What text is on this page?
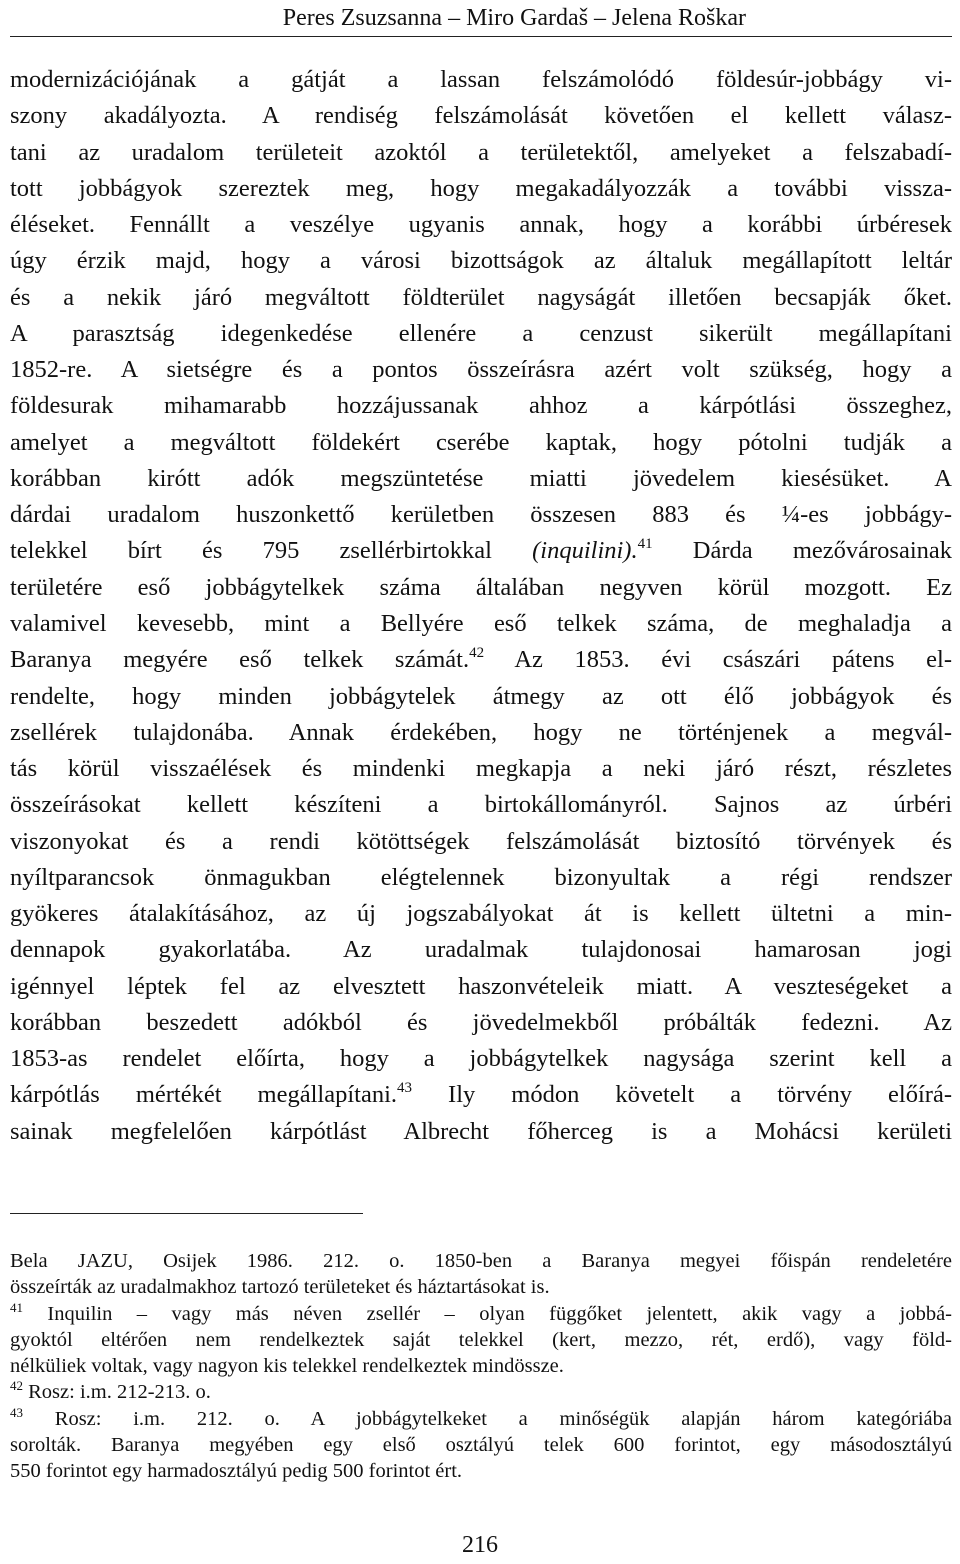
Peres Zsuzsanna – Miro Gardaš – Jelena Roškar
modernizációjának a gátját a lassan felszámolódó földesúr-jobbágy vi-
szony akadályozta. A rendiség felszámolását követően el kellett válasz-
tani az uradalom területeit azoktól a területektől, amelyeket a felszabadí-
tott jobbágyok szereztek meg, hogy megakadályozzák a további vissza-
éléseket. Fennállt a veszélye ugyanis annak, hogy a korábbi úrbéresek
úgy érzik majd, hogy a városi bizottságok az általuk megállapított leltár
és a nekik járó megváltott földterület nagyságát illetően becsapják őket.
A parasztság idegenkedése ellenére a cenzust sikerült megállapítani
1852-re. A sietségre és a pontos összeírásra azért volt szükség, hogy a
földesurak mihamarabb hozzájussanak ahhoz a kárpótlási összeghez,
amelyet a megváltott földekért cserébe kaptak, hogy pótolni tudják a
korábban kirótt adók megszüntetése miatti jövedelem kiesésüket. A
dárdai uradalom huszonkettő kerületben összesen 883 és ¼-es jobbágy-
telekkel bírt és 795 zsellérbirtokkal (inquilini).$^{41}$ Dárda mezővárosainak
területére eső jobbágytelkek száma általában negyven körül mozgott. Ez
valamivel kevesebb, mint a Bellyére eső telkek száma, de meghaladja a
Baranya megyére eső telkek számát.$^{42}$ Az 1853. évi császári pátens el-
rendelte, hogy minden jobbágytelek átmegy az ott élő jobbágyok és
zsellérek tulajdonába. Annak érdekében, hogy ne történjenek a megvál-
tás körül visszaélések és mindenki megkapja a neki járó részt, részletes
összeírásokat kellett készíteni a birtokállományról. Sajnos az úrbéri
viszonyokat és a rendi kötöttségek felszámolását biztosító törvények és
nyíltparancsok önmagukban elégtelennek bizonyultak a régi rendszer
gyökeres átalakításához, az új jogszabályokat át is kellett ültetni a min-
dennapok gyakorlatába. Az uradalmak tulajdonosai hamarosan jogi
igénnyel léptek fel az elvesztett haszonvételeik miatt. A veszteségeket a
korábban beszedett adókból és jövedelmekből próbálták fedezni. Az
1853-as rendelet előírta, hogy a jobbágytelkek nagysága szerint kell a
kárpótlás mértékét megállapítani.$^{43}$ Ily módon követelt a törvény előírá-
sainak megfelelően kárpótlást Albrecht főherceg is a Mohácsi kerületi
Bela JAZU, Osijek 1986. 212. o. 1850-ben a Baranya megyei főispán rendeletére
összeírták az uradalmakhoz tartozó területeket és háztartásokat is.
$^{41}$ Inquilin – vagy más néven zsellér – olyan függőket jelentett, akik vagy a jobbá-
gyoktól eltérően nem rendelkeztek saját telekkel (kert, mezzo, rét, erdő), vagy föld-
nélküliek voltak, vagy nagyon kis telekkel rendelkeztek mindössze.
$^{42}$ Rosz: i.m. 212-213. o.
$^{43}$ Rosz: i.m. 212. o. A jobbágytelkeket a minőségük alapján három kategóriába
sorolták. Baranya megyében egy első osztályú telek 600 forintot, egy másodosztályú
550 forintot egy harmadosztályú pedig 500 forintot ért.
216
